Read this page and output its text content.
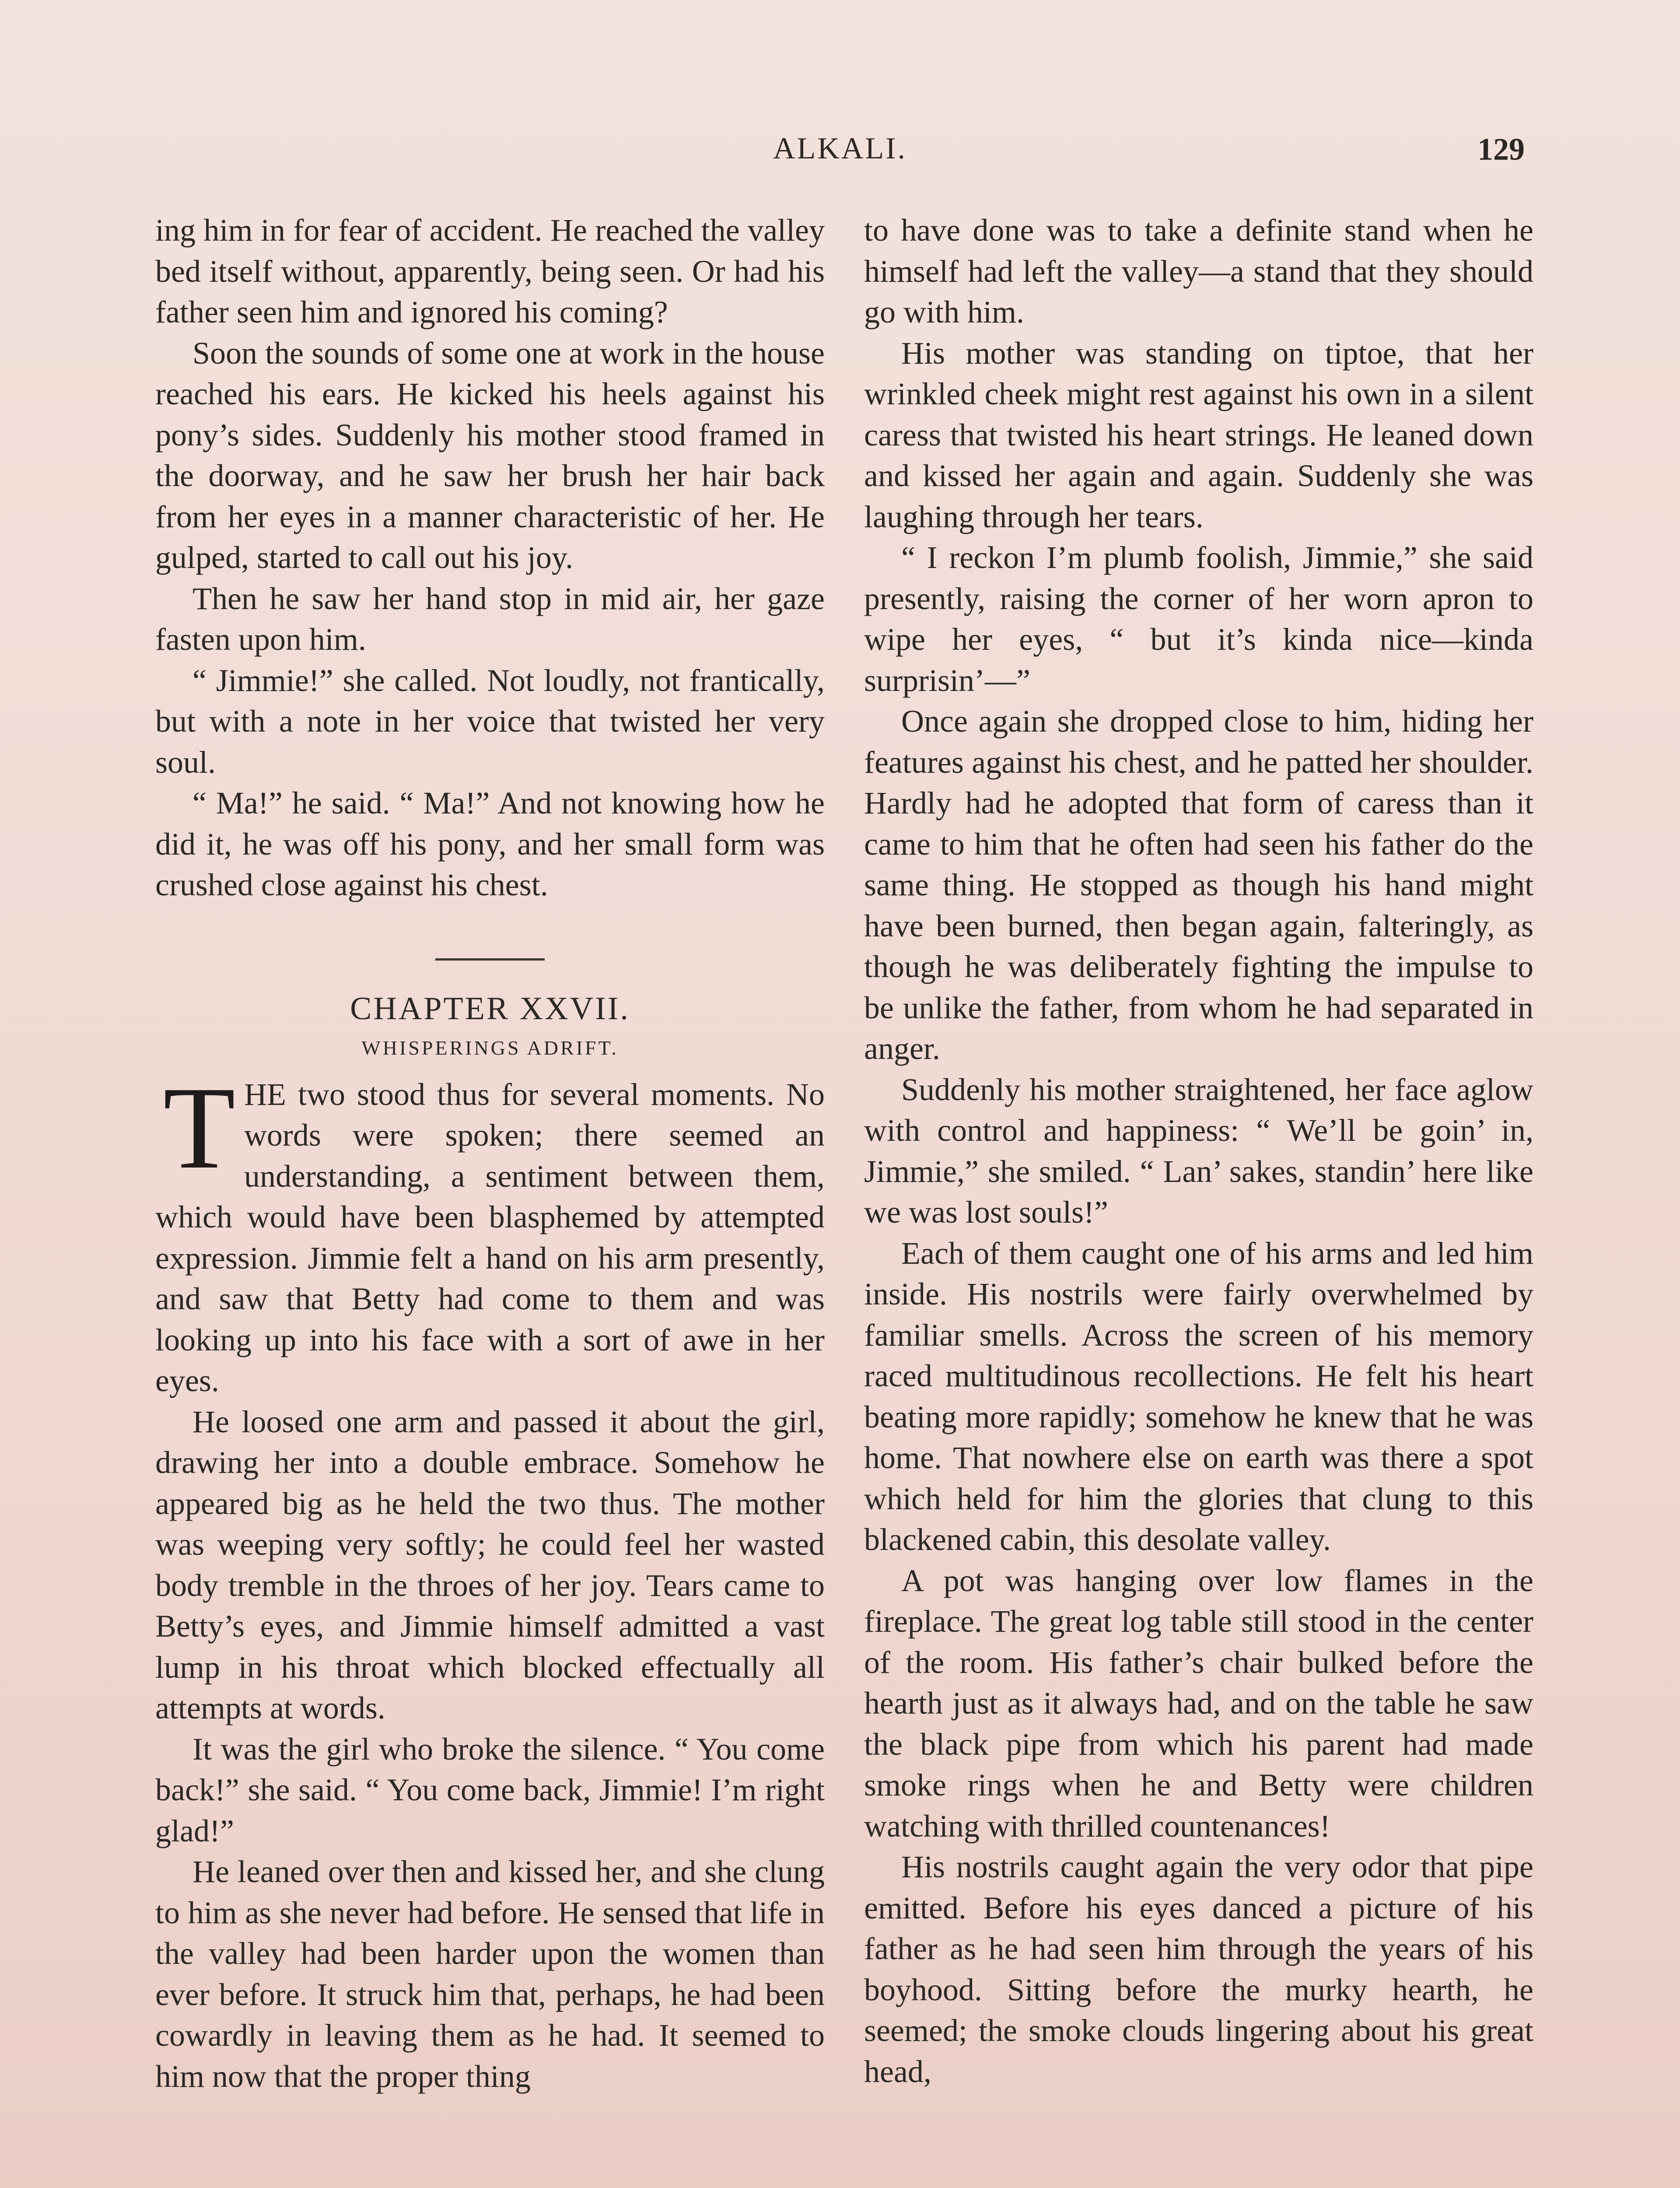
ALKALI.	129

ing him in for fear of accident. He reached the valley bed itself without, apparently, being seen. Or had his father seen him and ignored his coming?

Soon the sounds of some one at work in the house reached his ears. He kicked his heels against his pony’s sides. Suddenly his mother stood framed in the doorway, and he saw her brush her hair back from her eyes in a manner characteristic of her. He gulped, started to call out his joy.

Then he saw her hand stop in mid air, her gaze fasten upon him.

“ Jimmie!” she called. Not loudly, not frantically, but with a note in her voice that twisted her very soul.

“ Ma!” he said. “ Ma!” And not knowing how he did it, he was off his pony, and her small form was crushed close against his chest.

CHAPTER XXVII.

WHISPERINGS ADRIFT.

THE two stood thus for several moments. No words were spoken; there seemed an understanding, a sentiment between them, which would have been blasphemed by attempted expression. Jimmie felt a hand on his arm presently, and saw that Betty had come to them and was looking up into his face with a sort of awe in her eyes.

He loosed one arm and passed it about the girl, drawing her into a double embrace. Somehow he appeared big as he held the two thus. The mother was weeping very softly; he could feel her wasted body tremble in the throes of her joy. Tears came to Betty’s eyes, and Jimmie himself admitted a vast lump in his throat which blocked effectually all attempts at words.

It was the girl who broke the silence. “ You come back!” she said. “ You come back, Jimmie! I’m right glad!”

He leaned over then and kissed her, and she clung to him as she never had before. He sensed that life in the valley had been harder upon the women than ever before. It struck him that, perhaps, he had been cowardly in leaving them as he had. It seemed to him now that the proper thing

to have done was to take a definite stand when he himself had left the valley—a stand that they should go with him.

His mother was standing on tiptoe, that her wrinkled cheek might rest against his own in a silent caress that twisted his heart strings. He leaned down and kissed her again and again. Suddenly she was laughing through her tears.

“ I reckon I’m plumb foolish, Jimmie,” she said presently, raising the corner of her worn apron to wipe her eyes, “ but it’s kinda nice—kinda surprisin’—”

Once again she dropped close to him, hiding her features against his chest, and he patted her shoulder. Hardly had he adopted that form of caress than it came to him that he often had seen his father do the same thing. He stopped as though his hand might have been burned, then began again, falteringly, as though he was deliberately fighting the impulse to be unlike the father, from whom he had separated in anger.

Suddenly his mother straightened, her face aglow with control and happiness: “ We’ll be goin’ in, Jimmie,” she smiled. “ Lan’ sakes, standin’ here like we was lost souls!”

Each of them caught one of his arms and led him inside. His nostrils were fairly overwhelmed by familiar smells. Across the screen of his memory raced multitudinous recollections. He felt his heart beating more rapidly; somehow he knew that he was home. That nowhere else on earth was there a spot which held for him the glories that clung to this blackened cabin, this desolate valley.

A pot was hanging over low flames in the fireplace. The great log table still stood in the center of the room. His father’s chair bulked before the hearth just as it always had, and on the table he saw the black pipe from which his parent had made smoke rings when he and Betty were children watching with thrilled countenances!

His nostrils caught again the very odor that pipe emitted. Before his eyes danced a picture of his father as he had seen him through the years of his boyhood. Sitting before the murky hearth, he seemed; the smoke clouds lingering about his great head,
